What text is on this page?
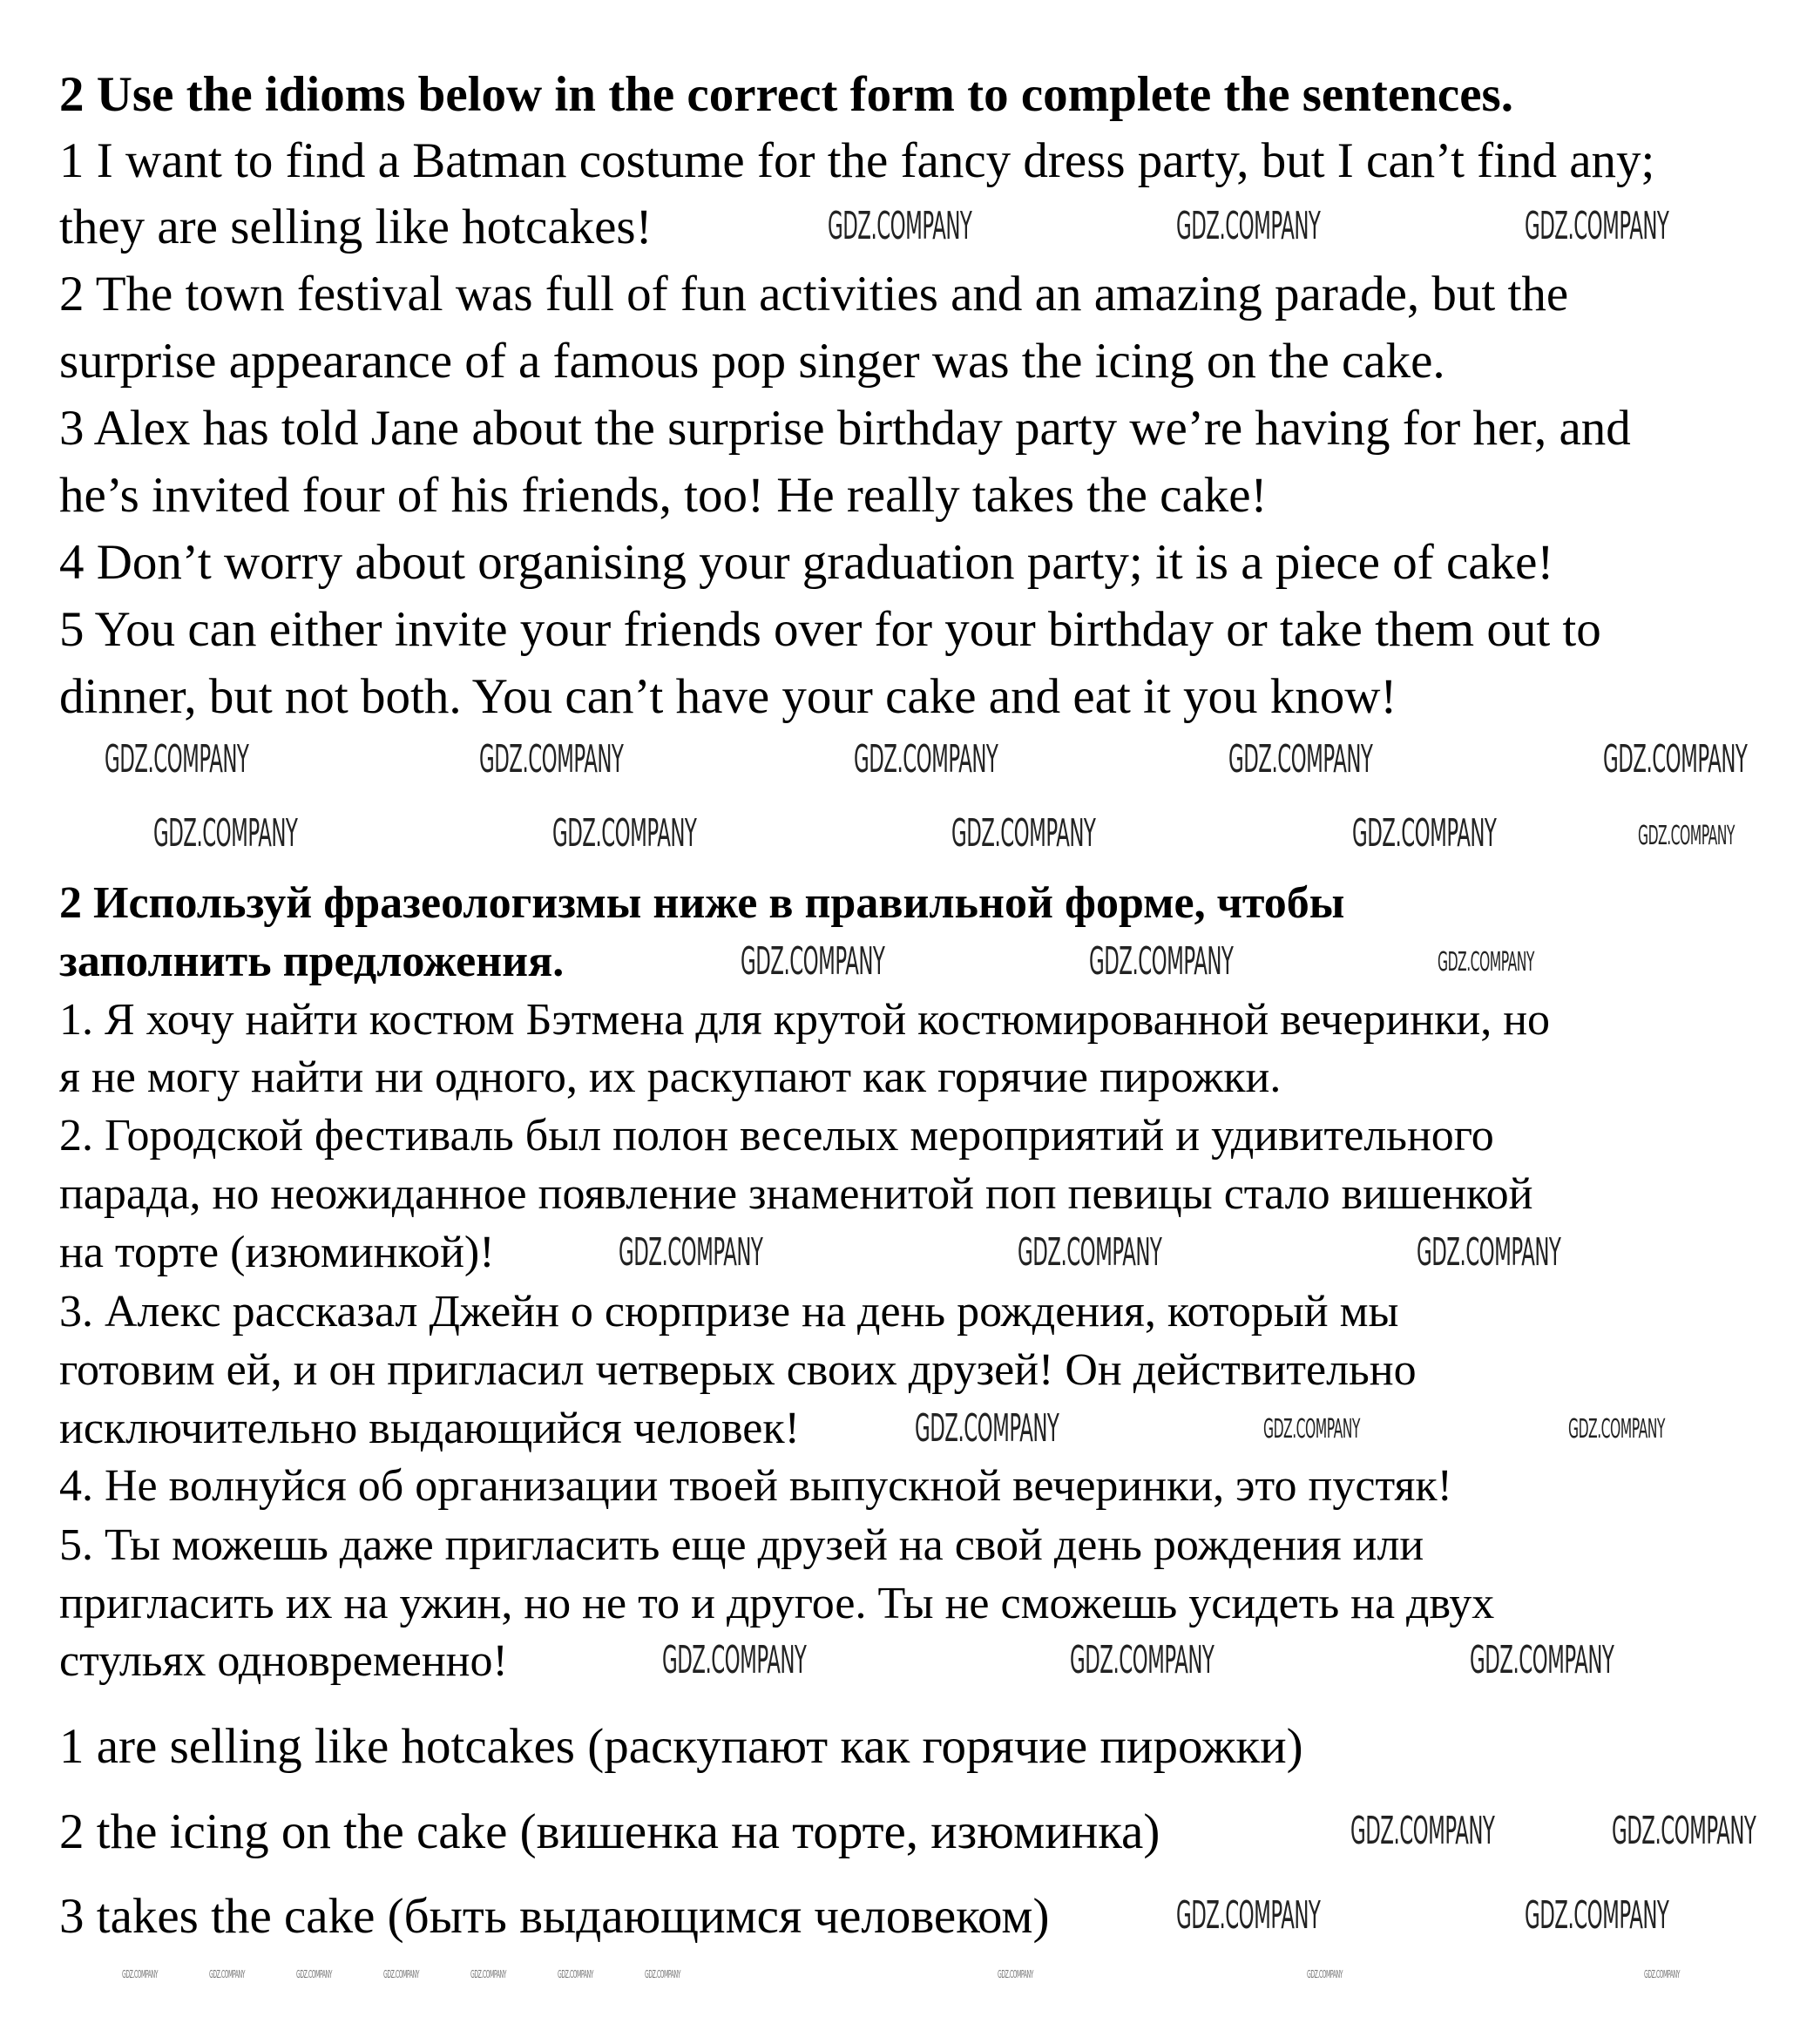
2 Use the idioms below in the correct form to complete the sentences.
1 I want to find a Batman costume for the fancy dress party, but I can’t find any;
they are selling like hotcakes!
2 The town festival was full of fun activities and an amazing parade, but the
surprise appearance of a famous pop singer was the icing on the cake.
3 Alex has told Jane about the surprise birthday party we’re having for her, and
he’s invited four of his friends, too! He really takes the cake!
4 Don’t worry about organising your graduation party; it is a piece of cake!
5 You can either invite your friends over for your birthday or take them out to
dinner, but not both. You can’t have your cake and eat it you know!
2 Используй фразеологизмы ниже в правильной форме, чтобы
заполнить предложения.
1. Я хочу найти костюм Бэтмена для крутой костюмированной вечеринки, но
я не могу найти ни одного, их раскупают как горячие пирожки.
2. Городской фестиваль был полон веселых мероприятий и удивительного
парада, но неожиданное появление знаменитой поп певицы стало вишенкой
на торте (изюминкой)!
3. Алекс рассказал Джейн о сюрпризе на день рождения, который мы
готовим ей, и он пригласил четверых своих друзей! Он действительно
исключительно выдающийся человек!
4. Не волнуйся об организации твоей выпускной вечеринки, это пустяк!
5. Ты можешь даже пригласить еще друзей на свой день рождения или
пригласить их на ужин, но не то и другое. Ты не сможешь усидеть на двух
стульях одновременно!
1 are selling like hotcakes (раскупают как горячие пирожки)
2 the icing on the cake (вишенка на торте, изюминка)
3 takes the cake (быть выдающимся человеком)
GDZ.COMPANY	GDZ.COMPANY	GDZ.COMPANY
GDZ.COMPANY	GDZ.COMPANY	GDZ.COMPANY	GDZ.COMPANY	GDZ.COMPANY
GDZ.COMPANY	GDZ.COMPANY	GDZ.COMPANY	GDZ.COMPANY	GDZ.COMPANY
GDZ.COMPANY	GDZ.COMPANY	GDZ.COMPANY
GDZ.COMPANY	GDZ.COMPANY	GDZ.COMPANY
GDZ.COMPANY	GDZ.COMPANY	GDZ.COMPANY
GDZ.COMPANY	GDZ.COMPANY	GDZ.COMPANY
GDZ.COMPANY	GDZ.COMPANY
GDZ.COMPANY	GDZ.COMPANY
GDZ.COMPANY	GDZ.COMPANY	GDZ.COMPANY	GDZ.COMPANY	GDZ.COMPANY	GDZ.COMPANY	GDZ.COMPANY	GDZ.COMPANY	GDZ.COMPANY	GDZ.COMPANY
